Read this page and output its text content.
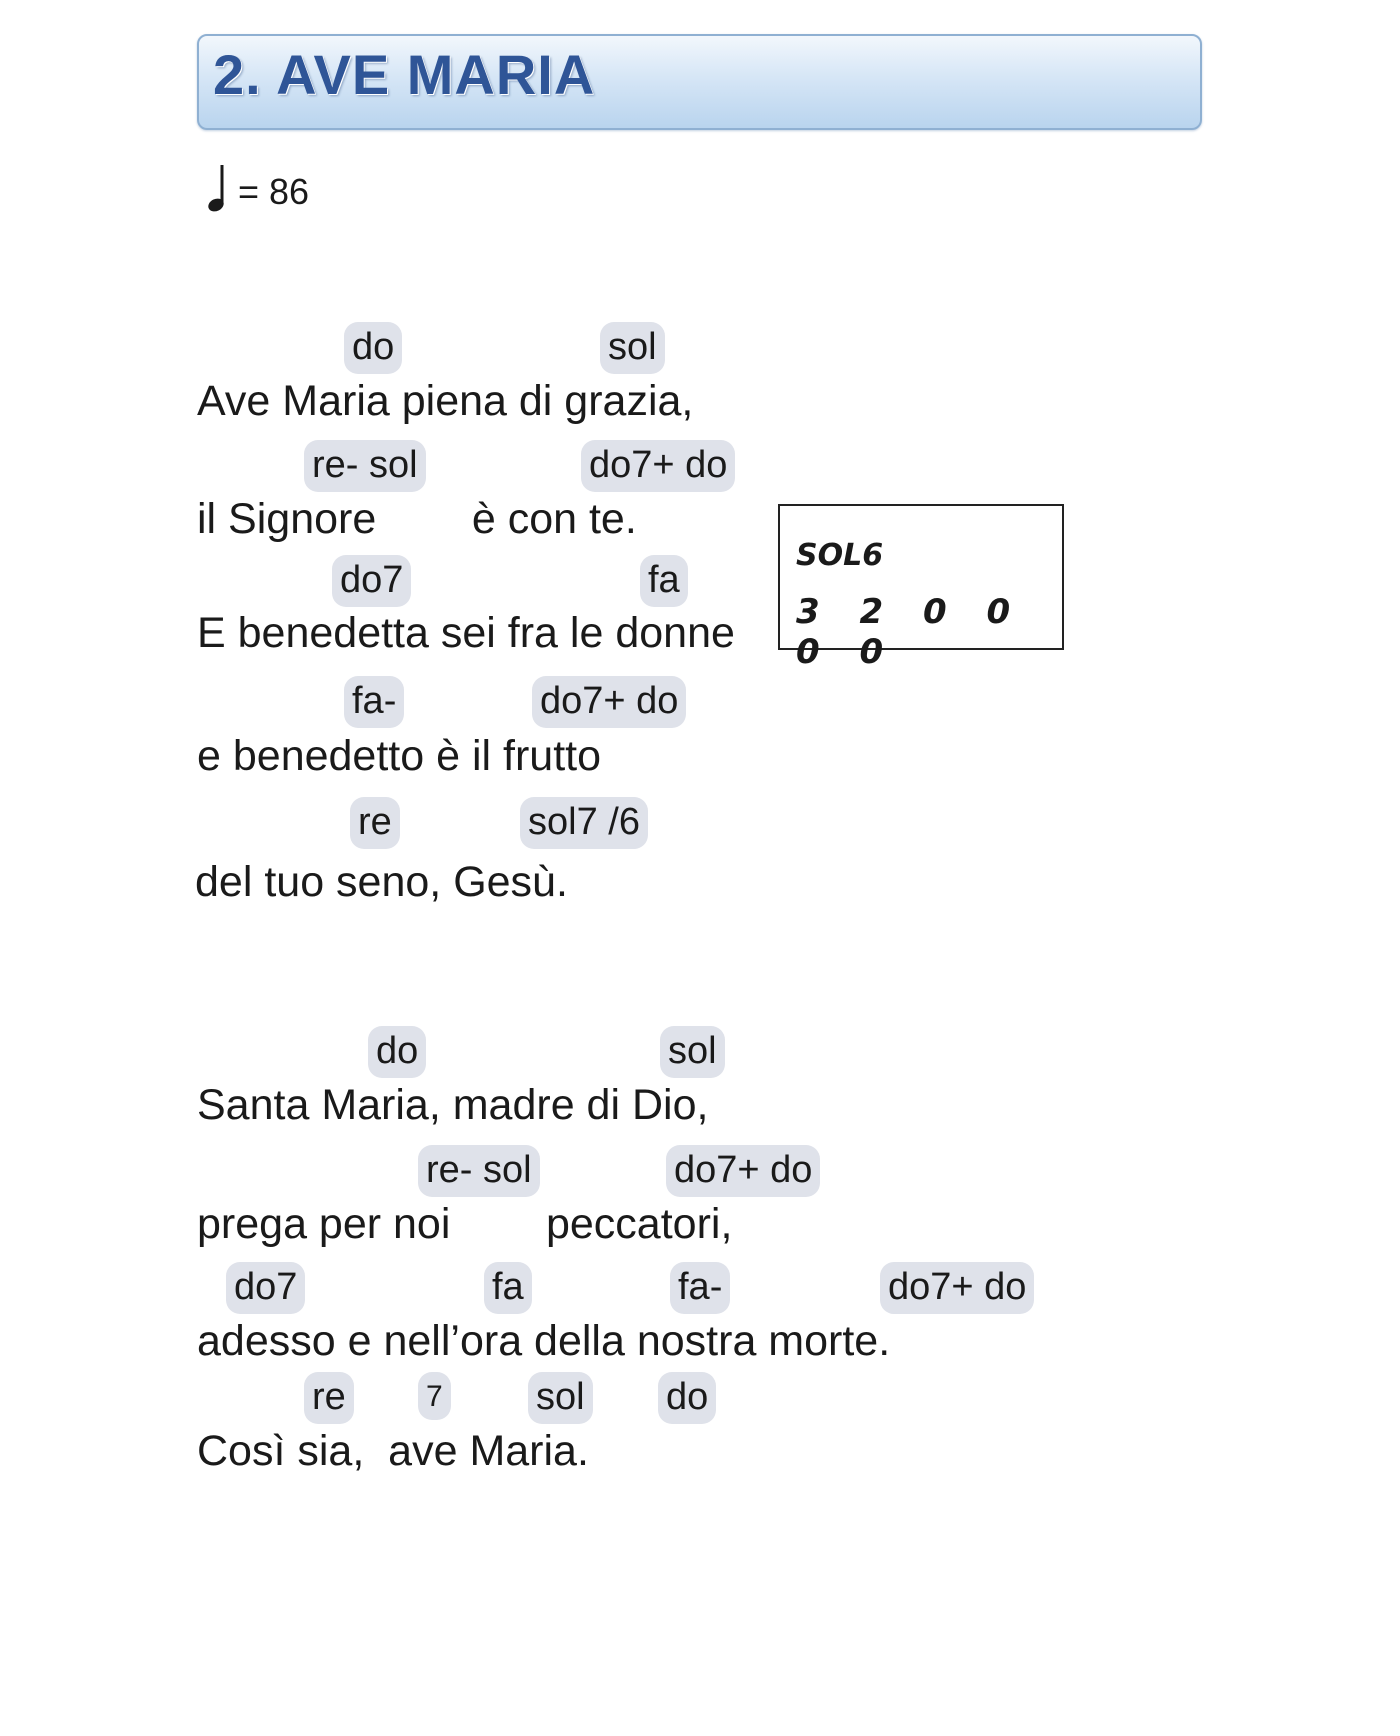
2. AVE MARIA
= 86
do	sol
Ave Maria piena di grazia,
re- sol	do7+ do
il Signore        è con te.
do7	fa
E benedetta sei fra le donne
fa-	do7+ do
e benedetto è il frutto
re	sol7 /6
del tuo seno, Gesù.
SOL6
3 2 0 0 0 0
do	sol
Santa Maria, madre di Dio,
re- sol	do7+ do
prega per noi        peccatori,
do7	fa	fa-	do7+ do
adesso e nell’ora della nostra morte.
re	7 sol do
Così sia,  ave Maria.
